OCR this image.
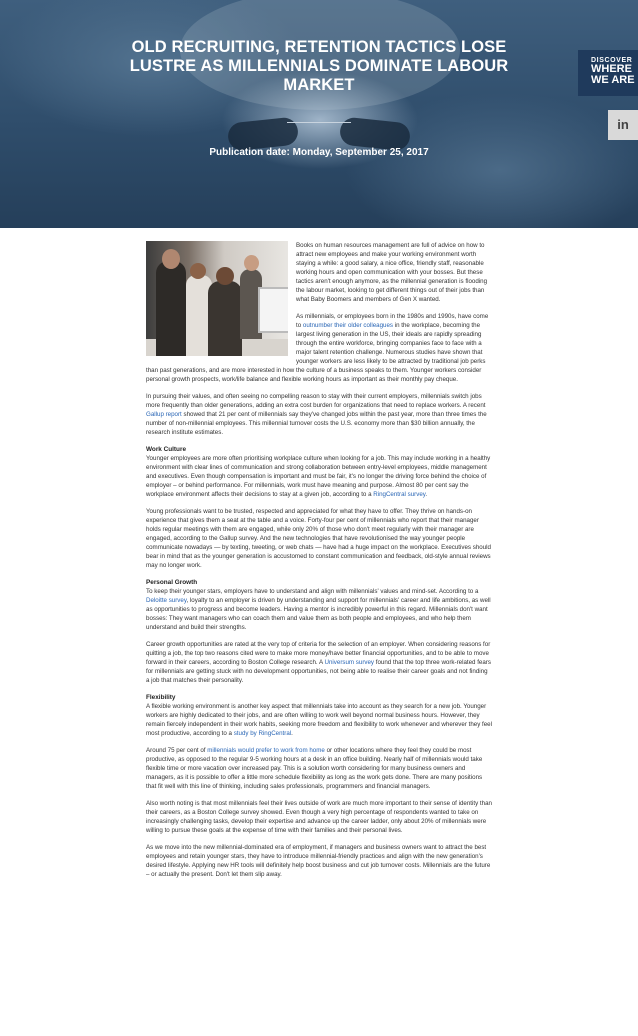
OLD RECRUITING, RETENTION TACTICS LOSE LUSTRE AS MILLENNIALS DOMINATE LABOUR MARKET
Publication date: Monday, September 25, 2017
DISCOVER
WHERE
WE ARE
in

Books on human resources management are full of advice on how to attract new employees and make your working environment worth staying a while: a good salary, a nice office, friendly staff, reasonable working hours and open communication with your bosses. But these tactics aren't enough anymore, as the millennial generation is flooding the labour market, looking to get different things out of their jobs than what Baby Boomers and members of Gen X wanted.

As millennials, or employees born in the 1980s and 1990s, have come to outnumber their older colleagues in the workplace, becoming the largest living generation in the US, their ideals are rapidly spreading through the entire workforce, bringing companies face to face with a major talent retention challenge. Numerous studies have shown that younger workers are less likely to be attracted by traditional job perks than past generations, and are more interested in how the culture of a business speaks to them. Younger workers consider personal growth prospects, work/life balance and flexible working hours as important as their monthly pay cheque.

In pursuing their values, and often seeing no compelling reason to stay with their current employers, millennials switch jobs more frequently than older generations, adding an extra cost burden for organizations that need to replace workers. A recent Gallup report showed that 21 per cent of millennials say they've changed jobs within the past year, more than three times the number of non-millennial employees. This millennial turnover costs the U.S. economy more than $30 billion annually, the research institute estimates.

Work Culture

Younger employees are more often prioritising workplace culture when looking for a job. This may include working in a healthy environment with clear lines of communication and strong collaboration between entry-level employees, middle management and executives. Even though compensation is important and must be fair, it's no longer the driving force behind the choice of employer – or behind performance. For millennials, work must have meaning and purpose. Almost 80 per cent say the workplace environment affects their decisions to stay at a given job, according to a RingCentral survey.

Young professionals want to be trusted, respected and appreciated for what they have to offer. They thrive on hands-on experience that gives them a seat at the table and a voice. Forty-four per cent of millennials who report that their manager holds regular meetings with them are engaged, while only 20% of those who don't meet regularly with their manager are engaged, according to the Gallup survey. And the new technologies that have revolutionised the way younger people communicate nowadays — by texting, tweeting, or web chats — have had a huge impact on the workplace. Executives should bear in mind that as the younger generation is accustomed to constant communication and feedback, old-style annual reviews may no longer work.

Personal Growth

To keep their younger stars, employers have to understand and align with millennials' values and mind-set. According to a Deloitte survey, loyalty to an employer is driven by understanding and support for millennials' career and life ambitions, as well as opportunities to progress and become leaders. Having a mentor is incredibly powerful in this regard. Millennials don't want bosses: They want managers who can coach them and value them as both people and employees, and who help them understand and build their strengths.

Career growth opportunities are rated at the very top of criteria for the selection of an employer. When considering reasons for quitting a job, the top two reasons cited were to make more money/have better financial opportunities, and to be able to move forward in their careers, according to Boston College research. A Universum survey found that the top three work-related fears for millennials are getting stuck with no development opportunities, not being able to realise their career goals and not finding a job that matches their personality.

Flexibility

A flexible working environment is another key aspect that millennials take into account as they search for a new job. Younger workers are highly dedicated to their jobs, and are often willing to work well beyond normal business hours. However, they remain fiercely independent in their work habits, seeking more freedom and flexibility to work whenever and wherever they feel most productive, according to a study by RingCentral.

Around 75 per cent of millennials would prefer to work from home or other locations where they feel they could be most productive, as opposed to the regular 9-5 working hours at a desk in an office building. Nearly half of millennials would take flexible time or more vacation over increased pay. This is a solution worth considering for many business owners and managers, as it is possible to offer a little more schedule flexibility as long as the work gets done. There are many positions that fit well with this line of thinking, including sales professionals, programmers and financial managers.

Also worth noting is that most millennials feel their lives outside of work are much more important to their sense of identity than their careers, as a Boston College survey showed. Even though a very high percentage of respondents wanted to take on increasingly challenging tasks, develop their expertise and advance up the career ladder, only about 20% of millennials were willing to pursue these goals at the expense of time with their families and their personal lives.

As we move into the new millennial-dominated era of employment, if managers and business owners want to attract the best employees and retain younger stars, they have to introduce millennial-friendly practices and align with the new generation's desired lifestyle. Applying new HR tools will definitely help boost business and cut job turnover costs. Millennials are the future – or actually the present. Don't let them slip away.
